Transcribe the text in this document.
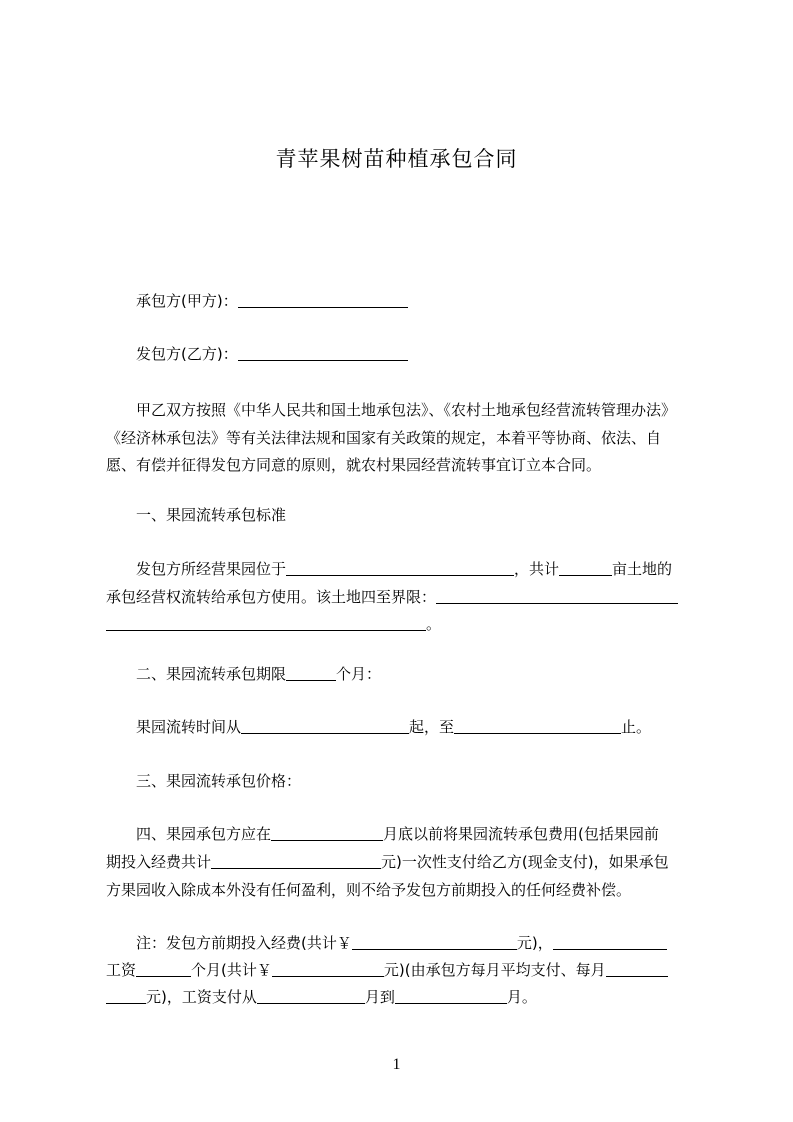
青苹果树苗种植承包合同
承包方(甲方)：
发包方(乙方)：
甲乙双方按照《中华人民共和国土地承包法》、《农村土地承包经营流转管理办法》
《经济林承包法》等有关法律法规和国家有关政策的规定，本着平等协商、依法、自
愿、有偿并征得发包方同意的原则，就农村果园经营流转事宜订立本合同。
一、果园流转承包标准
发包方所经营果园位于	，共计	亩土地的
承包经营权流转给承包方使用。该土地四至界限：
。
二、果园流转承包期限	个月：
果园流转时间从	起，至	止。
三、果园流转承包价格：
四、果园承包方应在	月底以前将果园流转承包费用(包括果园前
期投入经费共计	元)一次性支付给乙方(现金支付)，如果承包
方果园收入除成本外没有任何盈利，则不给予发包方前期投入的任何经费补偿。
注：发包方前期投入经费(共计￥	元)，
工资	个月(共计￥	元)(由承包方每月平均支付、每月
元)，工资支付从	月到	月。
1
